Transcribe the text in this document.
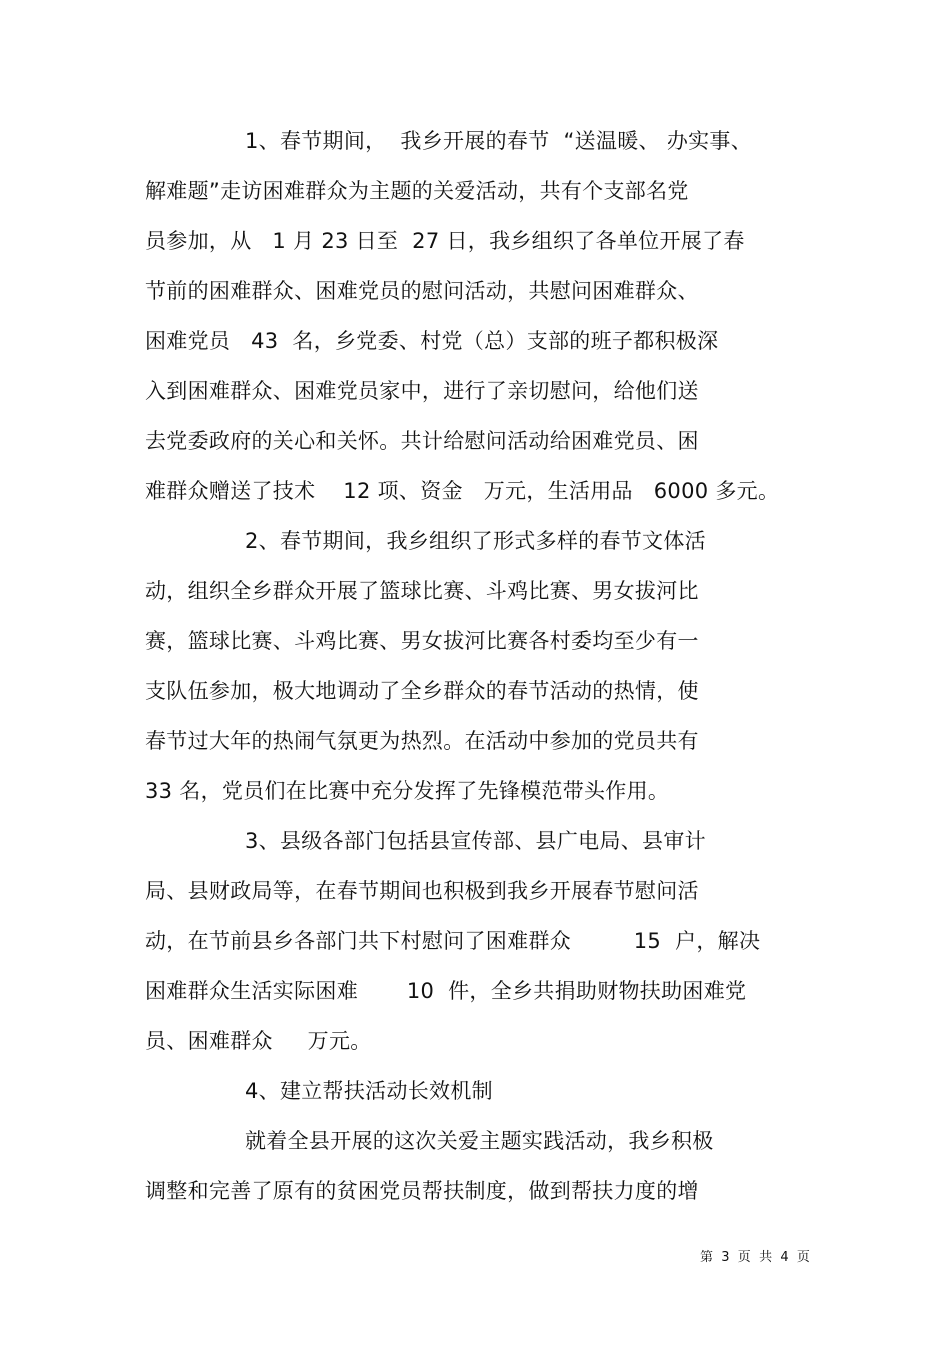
1、春节期间，  我乡开展的春节  “送温暖、 办实事、
解难题”走访困难群众为主题的关爱活动，共有个支部名党
员参加，从   1 月 23 日至  27 日，我乡组织了各单位开展了春
节前的困难群众、困难党员的慰问活动，共慰问困难群众、
困难党员   43  名，乡党委、村党（总）支部的班子都积极深
入到困难群众、困难党员家中，进行了亲切慰问，给他们送
去党委政府的关心和关怀。共计给慰问活动给困难党员、困
难群众赠送了技术    12 项、资金   万元，生活用品   6000 多元。
2、春节期间，我乡组织了形式多样的春节文体活
动，组织全乡群众开展了篮球比赛、斗鸡比赛、男女拔河比
赛，篮球比赛、斗鸡比赛、男女拔河比赛各村委均至少有一
支队伍参加，极大地调动了全乡群众的春节活动的热情，使
春节过大年的热闹气氛更为热烈。在活动中参加的党员共有
33 名，党员们在比赛中充分发挥了先锋模范带头作用。
3、县级各部门包括县宣传部、县广电局、县审计
局、县财政局等，在春节期间也积极到我乡开展春节慰问活
动，在节前县乡各部门共下村慰问了困难群众         15  户，解决
困难群众生活实际困难       10  件，全乡共捐助财物扶助困难党
员、困难群众     万元。
4、建立帮扶活动长效机制
就着全县开展的这次关爱主题实践活动，我乡积极
调整和完善了原有的贫困党员帮扶制度，做到帮扶力度的增
第  3  页  共  4  页
